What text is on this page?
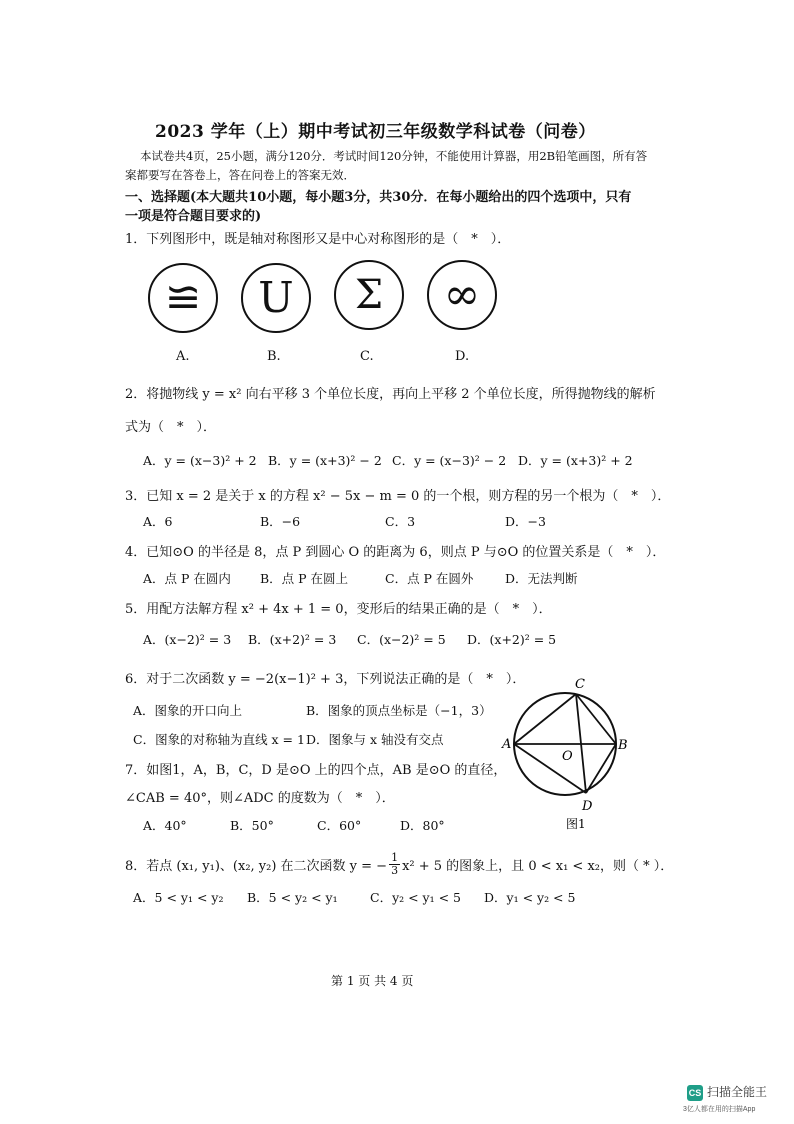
2023 学年（上）期中考试初三年级数学科试卷（问卷）
本试卷共4页，25小题，满分120分．考试时间120分钟，不能使用计算器，用2B铅笔画图，所有答
案都要写在答卷上，答在问卷上的答案无效．
一、选择题(本大题共10小题，每小题3分，共30分．在每小题给出的四个选项中，只有
一项是符合题目要求的)
1．下列图形中，既是轴对称图形又是中心对称图形的是（　*　）．
≌ U Σ ∞
A.	B.	C.	D.
2．将抛物线 y = x² 向右平移 3 个单位长度，再向上平移 2 个单位长度，所得抛物线的解析
式为（　*　）．
A．y = (x−3)² + 2 B．y = (x+3)² − 2 C．y = (x−3)² − 2 D．y = (x+3)² + 2
3．已知 x = 2 是关于 x 的方程 x² − 5x − m = 0 的一个根，则方程的另一个根为（　*　）．
A．6	B．−6	C．3	D．−3
4．已知⊙O 的半径是 8，点 P 到圆心 O 的距离为 6，则点 P 与⊙O 的位置关系是（　*　）．
A．点 P 在圆内 B．点 P 在圆上	C．点 P 在圆外	D．无法判断
5．用配方法解方程 x² + 4x + 1 = 0，变形后的结果正确的是（　*　）．
A．(x−2)² = 3 B．(x+2)² = 3 C．(x−2)² = 5 D．(x+2)² = 5
6．对于二次函数 y = −2(x−1)² + 3，下列说法正确的是（　*　）．
A．图象的开口向上	B．图象的顶点坐标是（−1，3）
C．图象的对称轴为直线 x = 1 D．图象与 x 轴没有交点
C
A	B
O
D
图1
7．如图1，A，B，C，D 是⊙O 上的四个点，AB 是⊙O 的直径，
∠CAB = 40°，则∠ADC 的度数为（　*　）．
A．40°	B．50°	C．60°	D．80°
8．若点 (x₁, y₁)、(x₂, y₂) 在二次函数 y = − $\frac{1}{3} x^2 + 5$ 的图象上，且 0 < x₁ < x₂，则（ * ）．
A．5 < y₁ < y₂ B．5 < y₂ < y₁	C．y₂ < y₁ < 5 D．y₁ < y₂ < 5
第 1 页 共 4 页
CS 扫描全能王
3亿人都在用的扫描App
